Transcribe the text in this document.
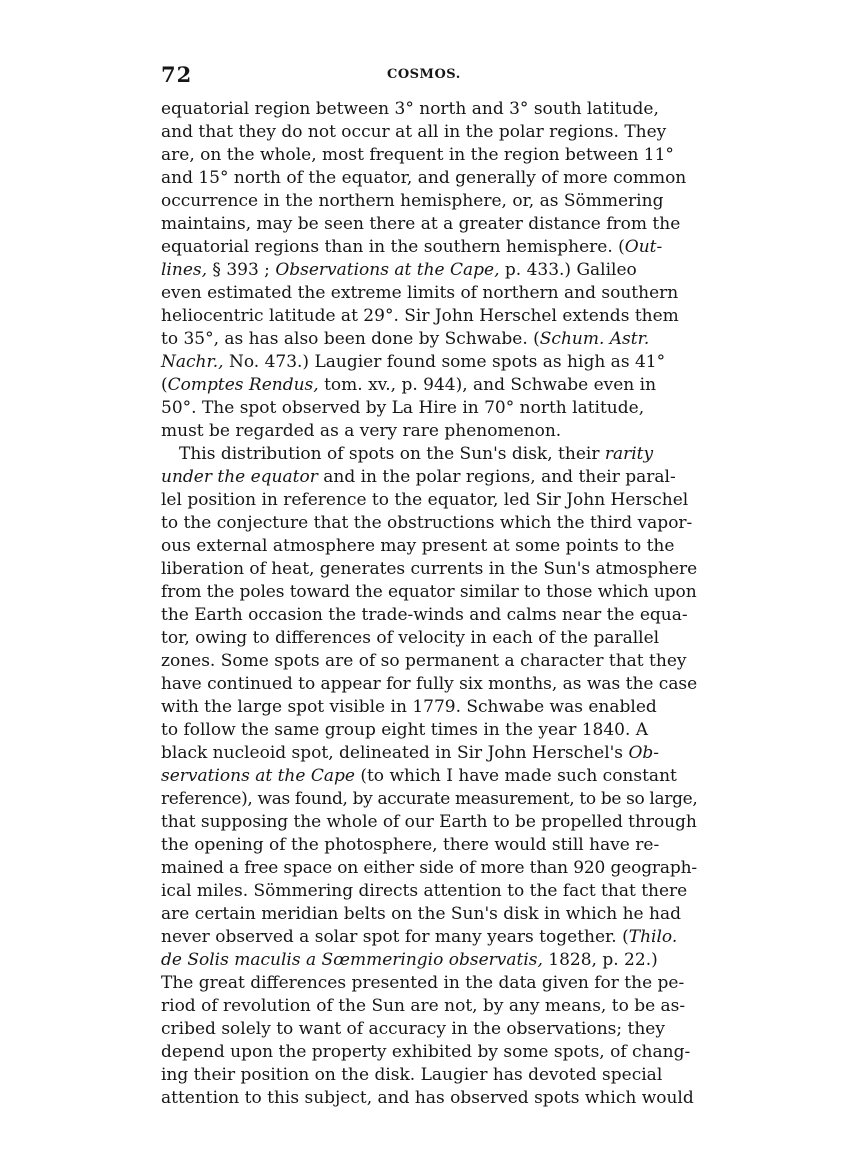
72	COSMOS.
equatorial region between 3° north and 3° south latitude,
and that they do not occur at all in the polar regions. They
are, on the whole, most frequent in the region between 11°
and 15° north of the equator, and generally of more common
occurrence in the northern hemisphere, or, as Sömmering
maintains, may be seen there at a greater distance from the
equatorial regions than in the southern hemisphere. (Out-
lines, § 393 ; Observations at the Cape, p. 433.) Galileo
even estimated the extreme limits of northern and southern
heliocentric latitude at 29°. Sir John Herschel extends them
to 35°, as has also been done by Schwabe. (Schum. Astr.
Nachr., No. 473.) Laugier found some spots as high as 41°
(Comptes Rendus, tom. xv., p. 944), and Schwabe even in
50°. The spot observed by La Hire in 70° north latitude,
must be regarded as a very rare phenomenon.
This distribution of spots on the Sun's disk, their rarity
under the equator and in the polar regions, and their paral-
lel position in reference to the equator, led Sir John Herschel
to the conjecture that the obstructions which the third vapor-
ous external atmosphere may present at some points to the
liberation of heat, generates currents in the Sun's atmosphere
from the poles toward the equator similar to those which upon
the Earth occasion the trade-winds and calms near the equa-
tor, owing to differences of velocity in each of the parallel
zones. Some spots are of so permanent a character that they
have continued to appear for fully six months, as was the case
with the large spot visible in 1779. Schwabe was enabled
to follow the same group eight times in the year 1840. A
black nucleoid spot, delineated in Sir John Herschel's Ob-
servations at the Cape (to which I have made such constant
reference), was found, by accurate measurement, to be so large,
that supposing the whole of our Earth to be propelled through
the opening of the photosphere, there would still have re-
mained a free space on either side of more than 920 geograph-
ical miles. Sömmering directs attention to the fact that there
are certain meridian belts on the Sun's disk in which he had
never observed a solar spot for many years together. (Thilo.
de Solis maculis a Sœmmeringio observatis, 1828, p. 22.)
The great differences presented in the data given for the pe-
riod of revolution of the Sun are not, by any means, to be as-
cribed solely to want of accuracy in the observations; they
depend upon the property exhibited by some spots, of chang-
ing their position on the disk. Laugier has devoted special
attention to this subject, and has observed spots which would
